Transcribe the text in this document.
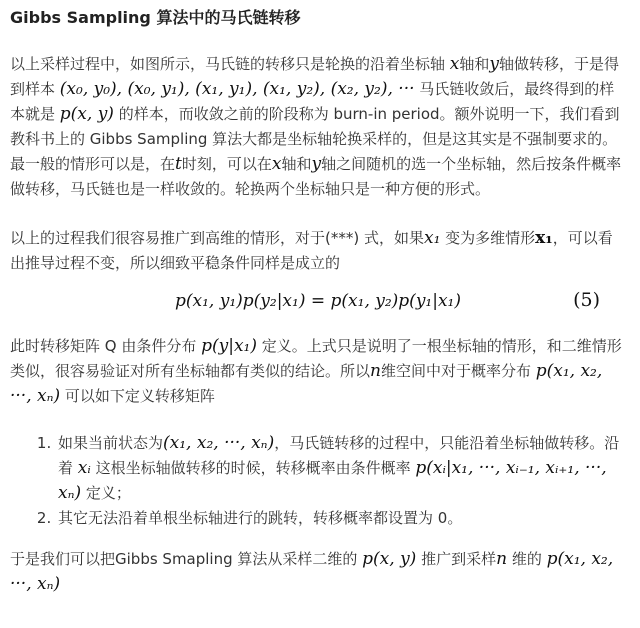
Gibbs Sampling 算法中的马氏链转移

以上采样过程中，如图所示，马氏链的转移只是轮换的沿着坐标轴 x轴和y轴做转移，于是得到样本 (x₀, y₀), (x₀, y₁), (x₁, y₁), (x₁, y₂), (x₂, y₂), ··· 马氏链收敛后，最终得到的样本就是 p(x, y) 的样本，而收敛之前的阶段称为 burn-in period。额外说明一下，我们看到教科书上的 Gibbs Sampling 算法大都是坐标轴轮换采样的，但是这其实是不强制要求的。最一般的情形可以是，在t时刻，可以在x轴和y轴之间随机的选一个坐标轴，然后按条件概率做转移，马氏链也是一样收敛的。轮换两个坐标轴只是一种方便的形式。

以上的过程我们很容易推广到高维的情形，对于(***) 式，如果x₁ 变为多维情形x₁，可以看出推导过程不变，所以细致平稳条件同样是成立的

p(x₁, y₁)p(y₂|x₁) = p(x₁, y₂)p(y₁|x₁)	(5)

此时转移矩阵 Q 由条件分布 p(y|x₁) 定义。上式只是说明了一根坐标轴的情形，和二维情形类似，很容易验证对所有坐标轴都有类似的结论。所以n维空间中对于概率分布 p(x₁, x₂, ···, xₙ) 可以如下定义转移矩阵

1. 如果当前状态为(x₁, x₂, ···, xₙ)，马氏链转移的过程中，只能沿着坐标轴做转移。沿着 xᵢ 这根坐标轴做转移的时候，转移概率由条件概率 p(xᵢ|x₁, ···, xᵢ₋₁, xᵢ₊₁, ···, xₙ) 定义；
2. 其它无法沿着单根坐标轴进行的跳转，转移概率都设置为 0。

于是我们可以把Gibbs Smapling 算法从采样二维的 p(x, y) 推广到采样n 维的 p(x₁, x₂, ···, xₙ)
